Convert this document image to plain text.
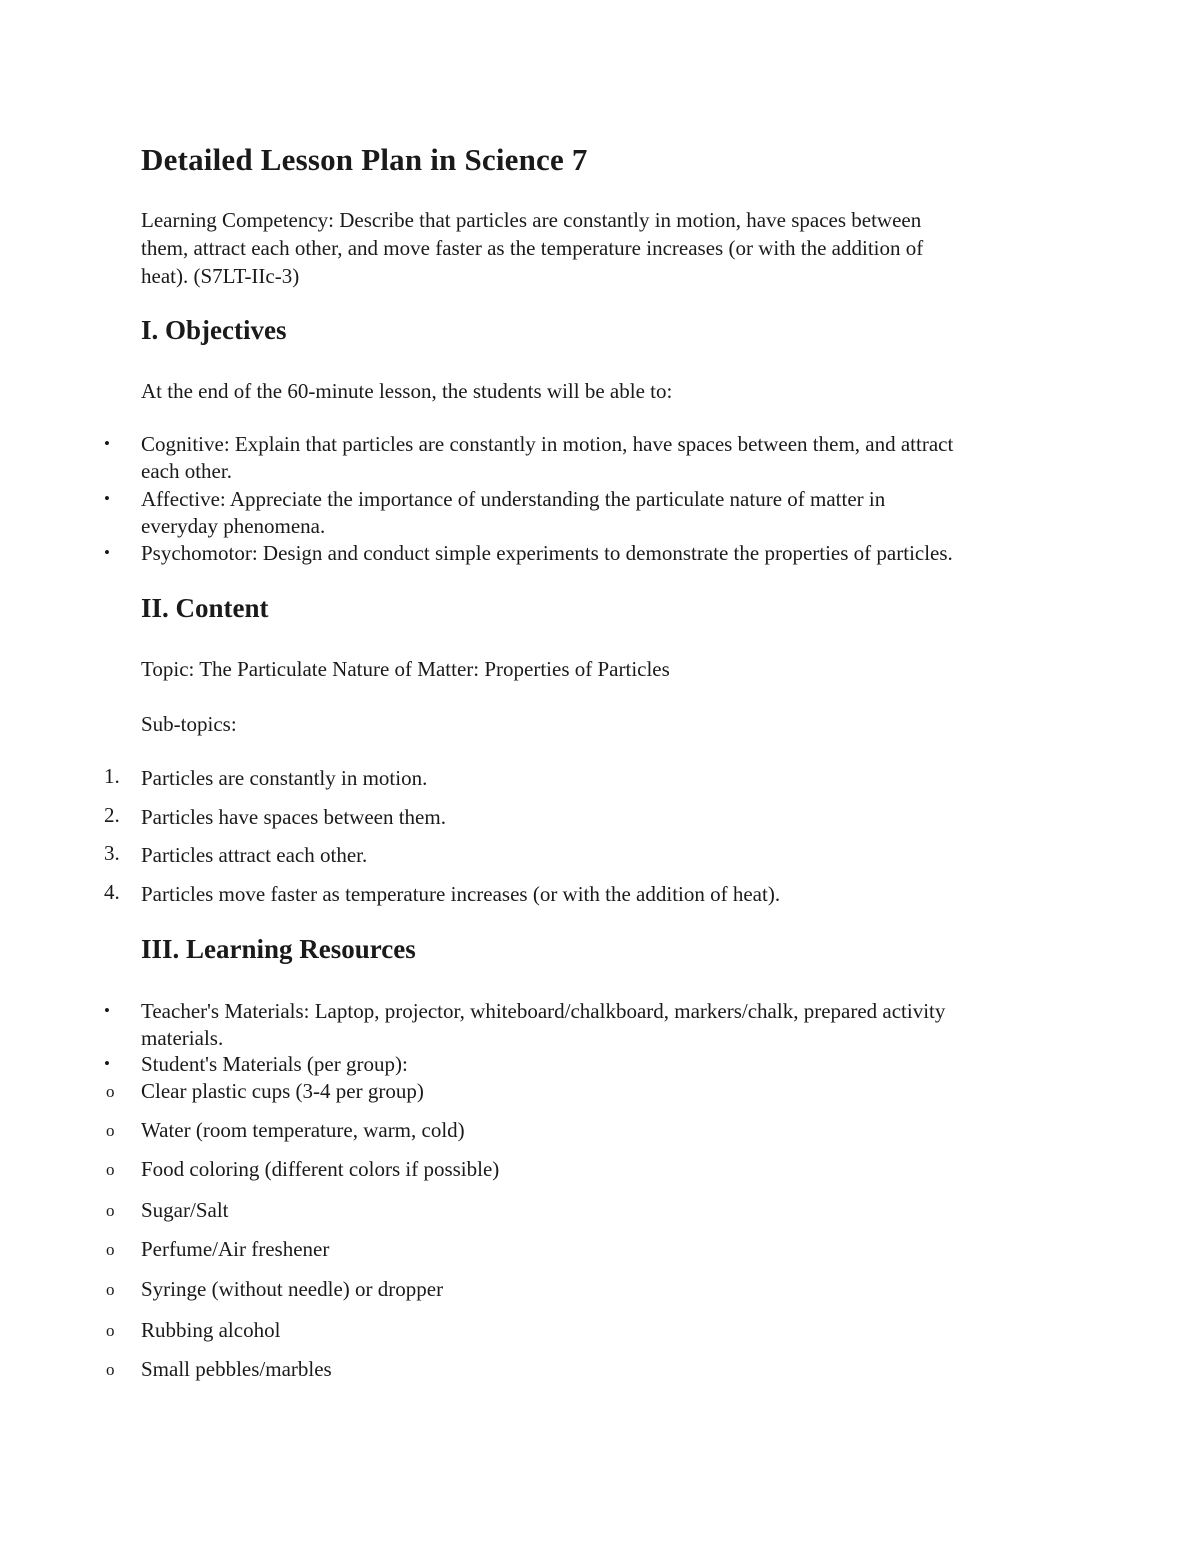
Detailed Lesson Plan in Science 7
Learning Competency: Describe that particles are constantly in motion, have spaces between
them, attract each other, and move faster as the temperature increases (or with the addition of
heat). (S7LT-IIc-3)
I. Objectives
At the end of the 60-minute lesson, the students will be able to:
• Cognitive: Explain that particles are constantly in motion, have spaces between them, and attract
each other.
• Affective: Appreciate the importance of understanding the particulate nature of matter in
everyday phenomena.
• Psychomotor: Design and conduct simple experiments to demonstrate the properties of particles.
II. Content
Topic: The Particulate Nature of Matter: Properties of Particles
Sub-topics:
1. Particles are constantly in motion.
2. Particles have spaces between them.
3. Particles attract each other.
4. Particles move faster as temperature increases (or with the addition of heat).
III. Learning Resources
• Teacher's Materials: Laptop, projector, whiteboard/chalkboard, markers/chalk, prepared activity
materials.
• Student's Materials (per group):
o Clear plastic cups (3-4 per group)
o Water (room temperature, warm, cold)
o Food coloring (different colors if possible)
o Sugar/Salt
o Perfume/Air freshener
o Syringe (without needle) or dropper
o Rubbing alcohol
o Small pebbles/marbles
